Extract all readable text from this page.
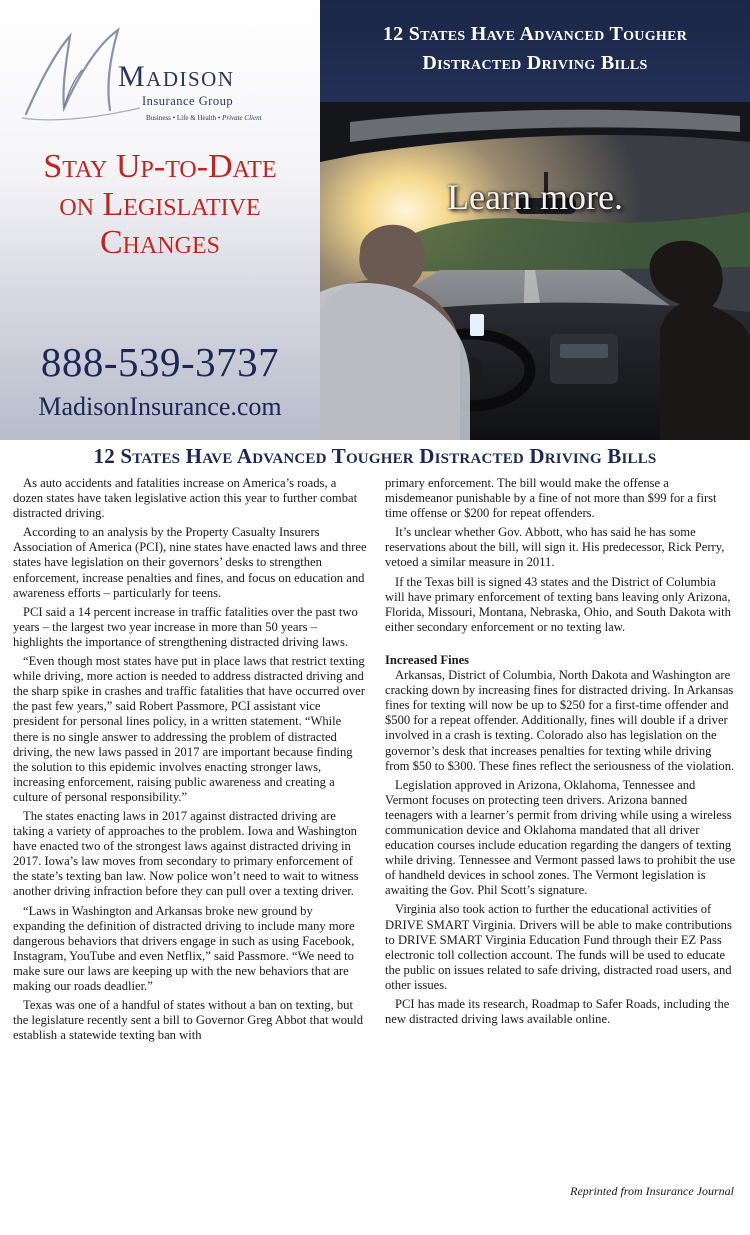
Madison
Insurance Group
Business • Life & Health • Private Client
Stay Up-to-Date
on Legislative
Changes
888-539-3737
MadisonInsurance.com
12 States Have Advanced Tougher
Distracted Driving Bills
Learn more.
12 States Have Advanced Tougher Distracted Driving Bills

As auto accidents and fatalities increase on America’s roads, a dozen states have taken legislative action this year to further combat distracted driving.

According to an analysis by the Property Casualty Insurers Association of America (PCI), nine states have enacted laws and three states have legislation on their governors’ desks to strengthen enforcement, increase penalties and fines, and focus on education and awareness efforts – particularly for teens.

PCI said a 14 percent increase in traffic fatalities over the past two years – the largest two year increase in more than 50 years – highlights the importance of strengthening distracted driving laws.

“Even though most states have put in place laws that restrict texting while driving, more action is needed to address distracted driving and the sharp spike in crashes and traffic fatalities that have occurred over the past few years,” said Robert Passmore, PCI assistant vice president for personal lines policy, in a written statement. “While there is no single answer to addressing the problem of distracted driving, the new laws passed in 2017 are important because finding the solution to this epidemic involves enacting stronger laws, increasing enforcement, raising public awareness and creating a culture of personal responsibility.”

The states enacting laws in 2017 against distracted driving are taking a variety of approaches to the problem. Iowa and Washington have enacted two of the strongest laws against distracted driving in 2017. Iowa’s law moves from secondary to primary enforcement of the state’s texting ban law. Now police won’t need to wait to witness another driving infraction before they can pull over a texting driver.

“Laws in Washington and Arkansas broke new ground by expanding the definition of distracted driving to include many more dangerous behaviors that drivers engage in such as using Facebook, Instagram, YouTube and even Netflix,” said Passmore. “We need to make sure our laws are keeping up with the new behaviors that are making our roads deadlier.”

Texas was one of a handful of states without a ban on texting, but the legislature recently sent a bill to Governor Greg Abbot that would establish a statewide texting ban with

primary enforcement. The bill would make the offense a misdemeanor punishable by a fine of not more than $99 for a first time offense or $200 for repeat offenders.

It’s unclear whether Gov. Abbott, who has said he has some reservations about the bill, will sign it. His predecessor, Rick Perry, vetoed a similar measure in 2011.

If the Texas bill is signed 43 states and the District of Columbia will have primary enforcement of texting bans leaving only Arizona, Florida, Missouri, Montana, Nebraska, Ohio, and South Dakota with either secondary enforcement or no texting law.

Increased Fines

Arkansas, District of Columbia, North Dakota and Washington are cracking down by increasing fines for distracted driving. In Arkansas fines for texting will now be up to $250 for a first-time offender and $500 for a repeat offender. Additionally, fines will double if a driver involved in a crash is texting. Colorado also has legislation on the governor’s desk that increases penalties for texting while driving from $50 to $300. These fines reflect the seriousness of the violation.

Legislation approved in Arizona, Oklahoma, Tennessee and Vermont focuses on protecting teen drivers. Arizona banned teenagers with a learner’s permit from driving while using a wireless communication device and Oklahoma mandated that all driver education courses include education regarding the dangers of texting while driving. Tennessee and Vermont passed laws to prohibit the use of handheld devices in school zones. The Vermont legislation is awaiting the Gov. Phil Scott’s signature.

Virginia also took action to further the educational activities of DRIVE SMART Virginia. Drivers will be able to make contributions to DRIVE SMART Virginia Education Fund through their EZ Pass electronic toll collection account. The funds will be used to educate the public on issues related to safe driving, distracted road users, and other issues.

PCI has made its research, Roadmap to Safer Roads, including the new distracted driving laws available online.

Reprinted from Insurance Journal
